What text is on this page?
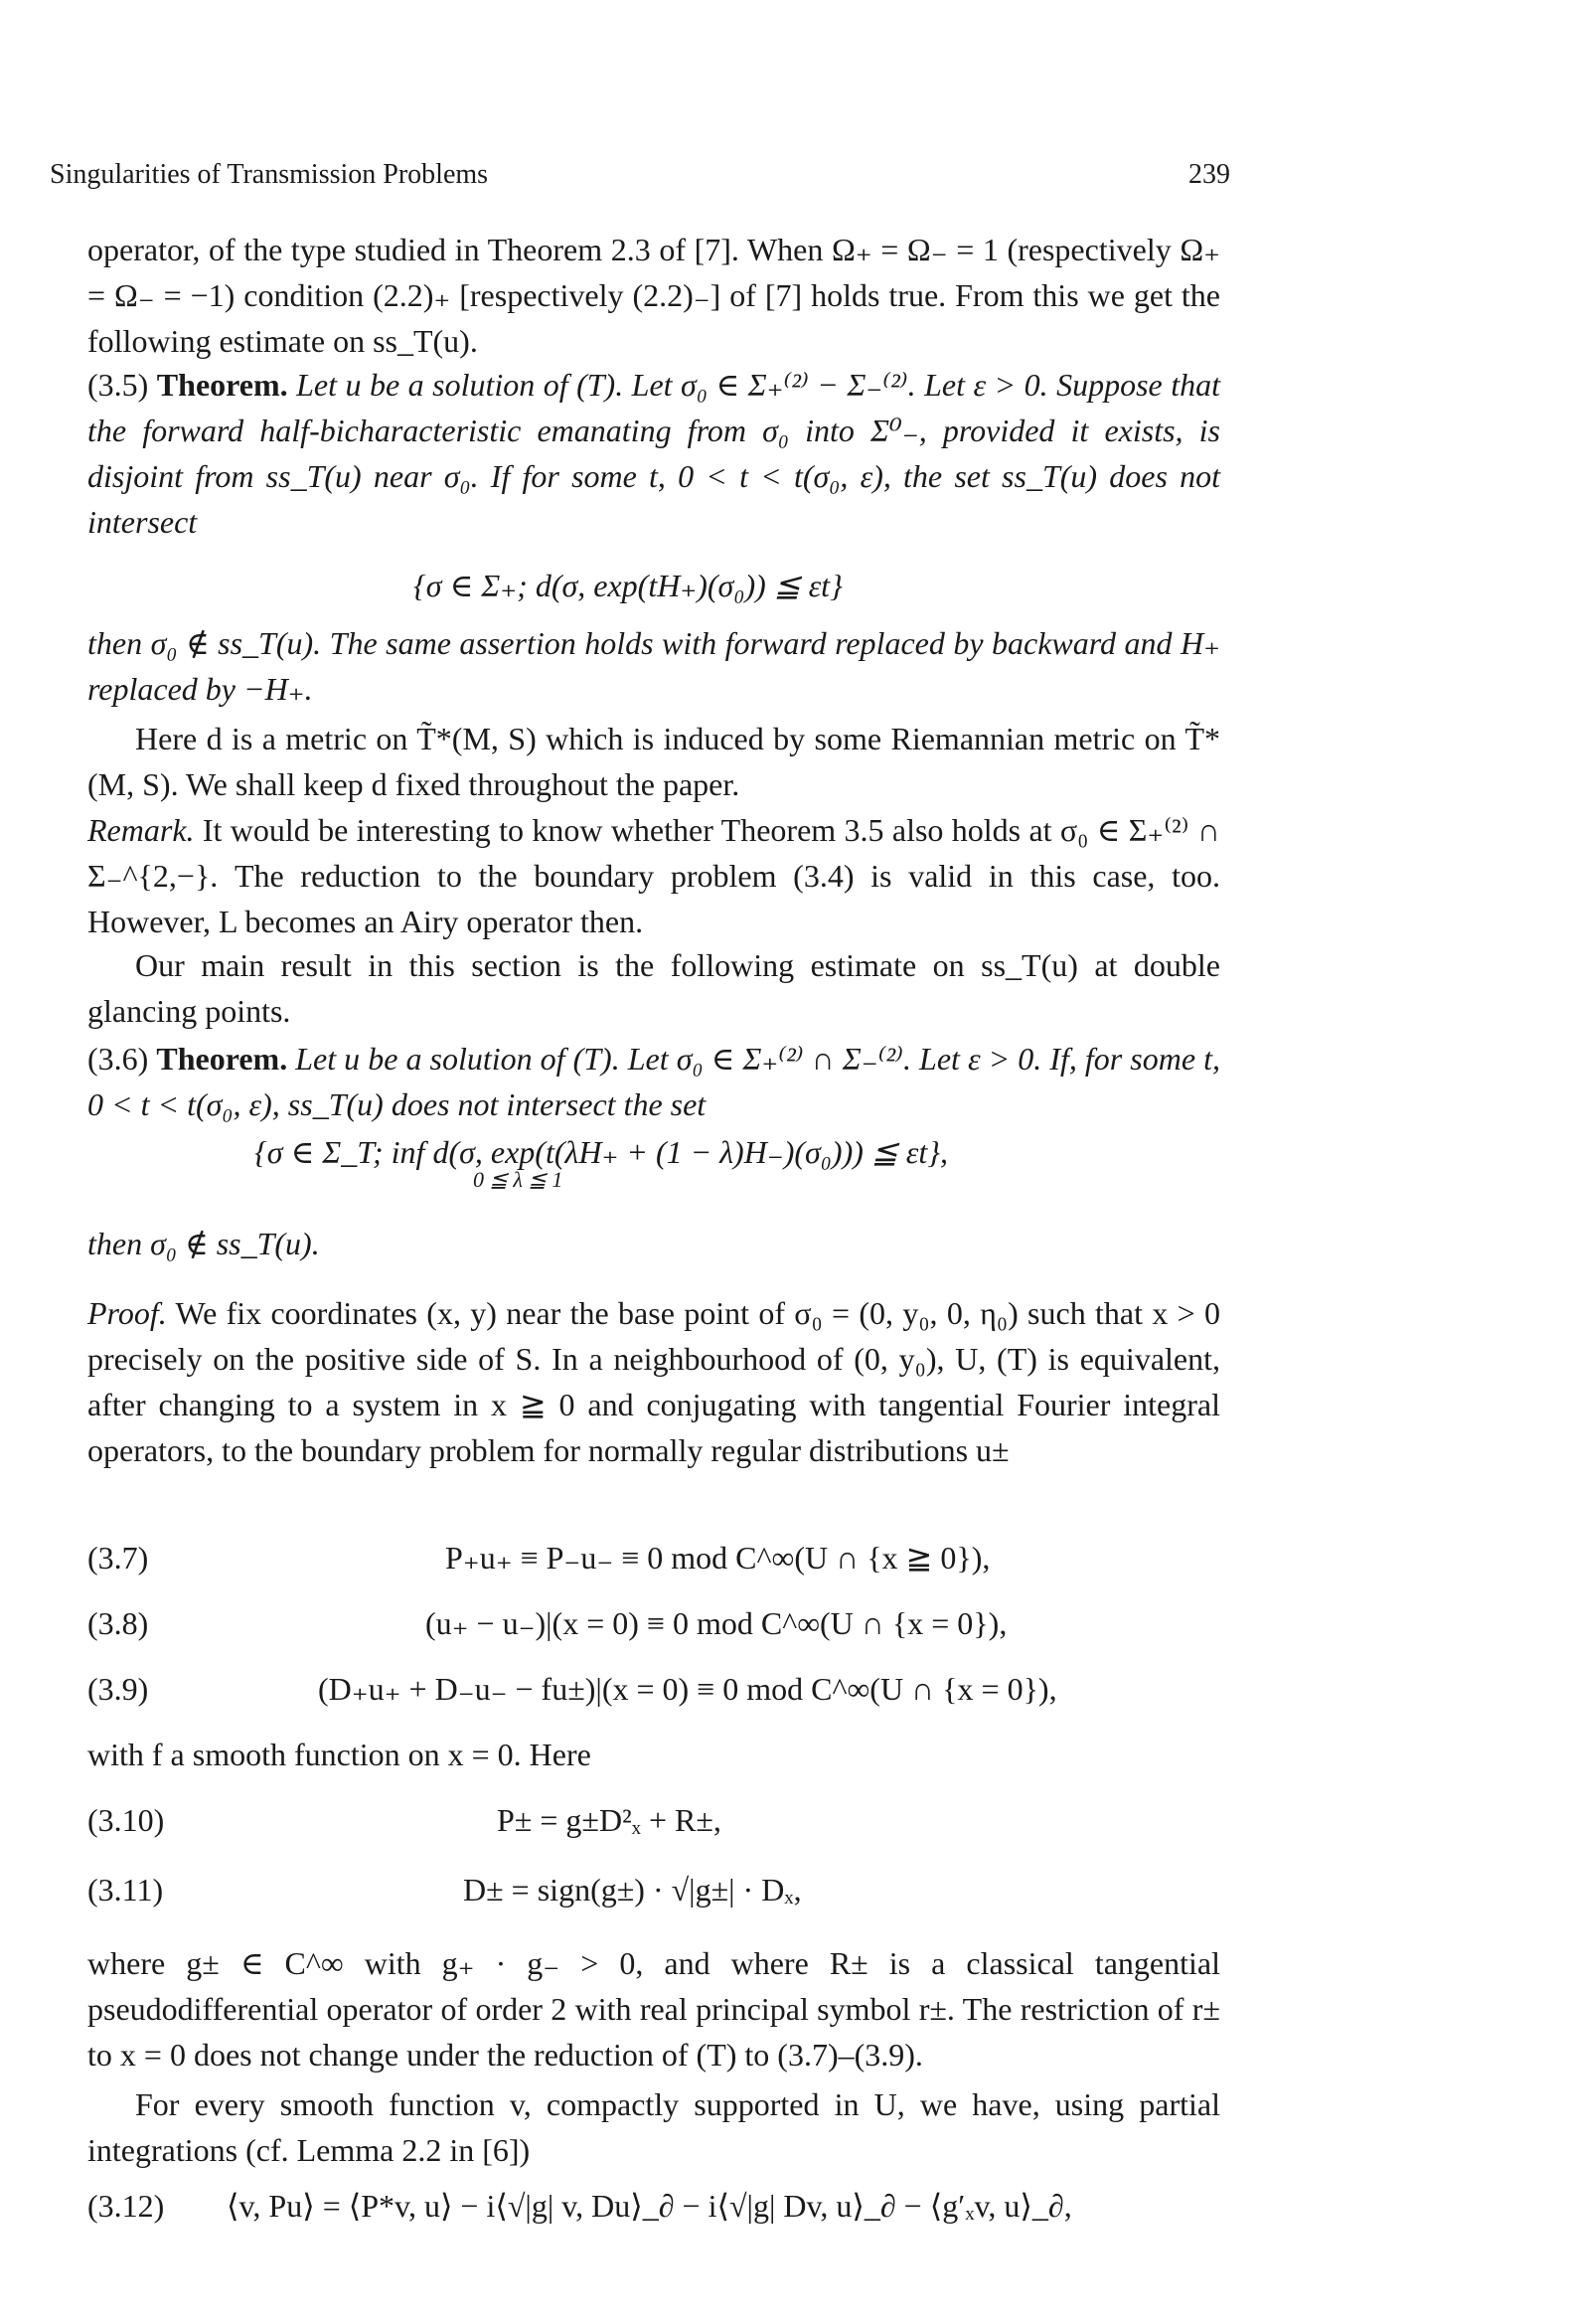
Singularities of Transmission Problems	239
operator, of the type studied in Theorem 2.3 of [7]. When Ω₊ = Ω₋ = 1 (respectively Ω₊ = Ω₋ = −1) condition (2.2)₊ [respectively (2.2)₋] of [7] holds true. From this we get the following estimate on ss_T(u).
(3.5) Theorem. Let u be a solution of (T). Let σ₀ ∈ Σ₊⁽²⁾ − Σ₋⁽²⁾. Let ε > 0. Suppose that the forward half-bicharacteristic emanating from σ₀ into Σ⁰₋, provided it exists, is disjoint from ss_T(u) near σ₀. If for some t, 0 < t < t(σ₀, ε), the set ss_T(u) does not intersect
{σ ∈ Σ₊; d(σ, exp(tH₊)(σ₀)) ≦ εt}
then σ₀ ∉ ss_T(u). The same assertion holds with forward replaced by backward and H₊ replaced by −H₊.
Here d is a metric on T̃*(M, S) which is induced by some Riemannian metric on T̃*(M, S). We shall keep d fixed throughout the paper.
Remark. It would be interesting to know whether Theorem 3.5 also holds at σ₀ ∈ Σ₊⁽²⁾ ∩ Σ₋^{2,−}. The reduction to the boundary problem (3.4) is valid in this case, too. However, L becomes an Airy operator then.
Our main result in this section is the following estimate on ss_T(u) at double glancing points.
(3.6) Theorem. Let u be a solution of (T). Let σ₀ ∈ Σ₊⁽²⁾ ∩ Σ₋⁽²⁾. Let ε > 0. If, for some t, 0 < t < t(σ₀, ε), ss_T(u) does not intersect the set
{σ ∈ Σ_T; inf d(σ, exp(t(λH₊ + (1 − λ)H₋)(σ₀))) ≦ εt},
0 ≦ λ ≦ 1
then σ₀ ∉ ss_T(u).
Proof. We fix coordinates (x, y) near the base point of σ₀ = (0, y₀, 0, η₀) such that x > 0 precisely on the positive side of S. In a neighbourhood of (0, y₀), U, (T) is equivalent, after changing to a system in x ≧ 0 and conjugating with tangential Fourier integral operators, to the boundary problem for normally regular distributions u±
(3.7)	P₊u₊ ≡ P₋u₋ ≡ 0 mod C^∞(U ∩ {x ≧ 0}),
(3.8)	(u₊ − u₋)|(x = 0) ≡ 0 mod C^∞(U ∩ {x = 0}),
(3.9)	(D₊u₊ + D₋u₋ − fu±)|(x = 0) ≡ 0 mod C^∞(U ∩ {x = 0}),
with f a smooth function on x = 0. Here
(3.10)	P± = g±D²ₓ + R±,
(3.11)	D± = sign(g±) · √|g±| · Dₓ,
where g± ∈ C^∞ with g₊ · g₋ > 0, and where R± is a classical tangential pseudodifferential operator of order 2 with real principal symbol r±. The restriction of r± to x = 0 does not change under the reduction of (T) to (3.7)–(3.9).
For every smooth function v, compactly supported in U, we have, using partial integrations (cf. Lemma 2.2 in [6])
(3.12) ⟨v, Pu⟩ = ⟨P*v, u⟩ − i⟨√|g| v, Du⟩_∂ − i⟨√|g| Dv, u⟩_∂ − ⟨g′ₓv, u⟩_∂,
